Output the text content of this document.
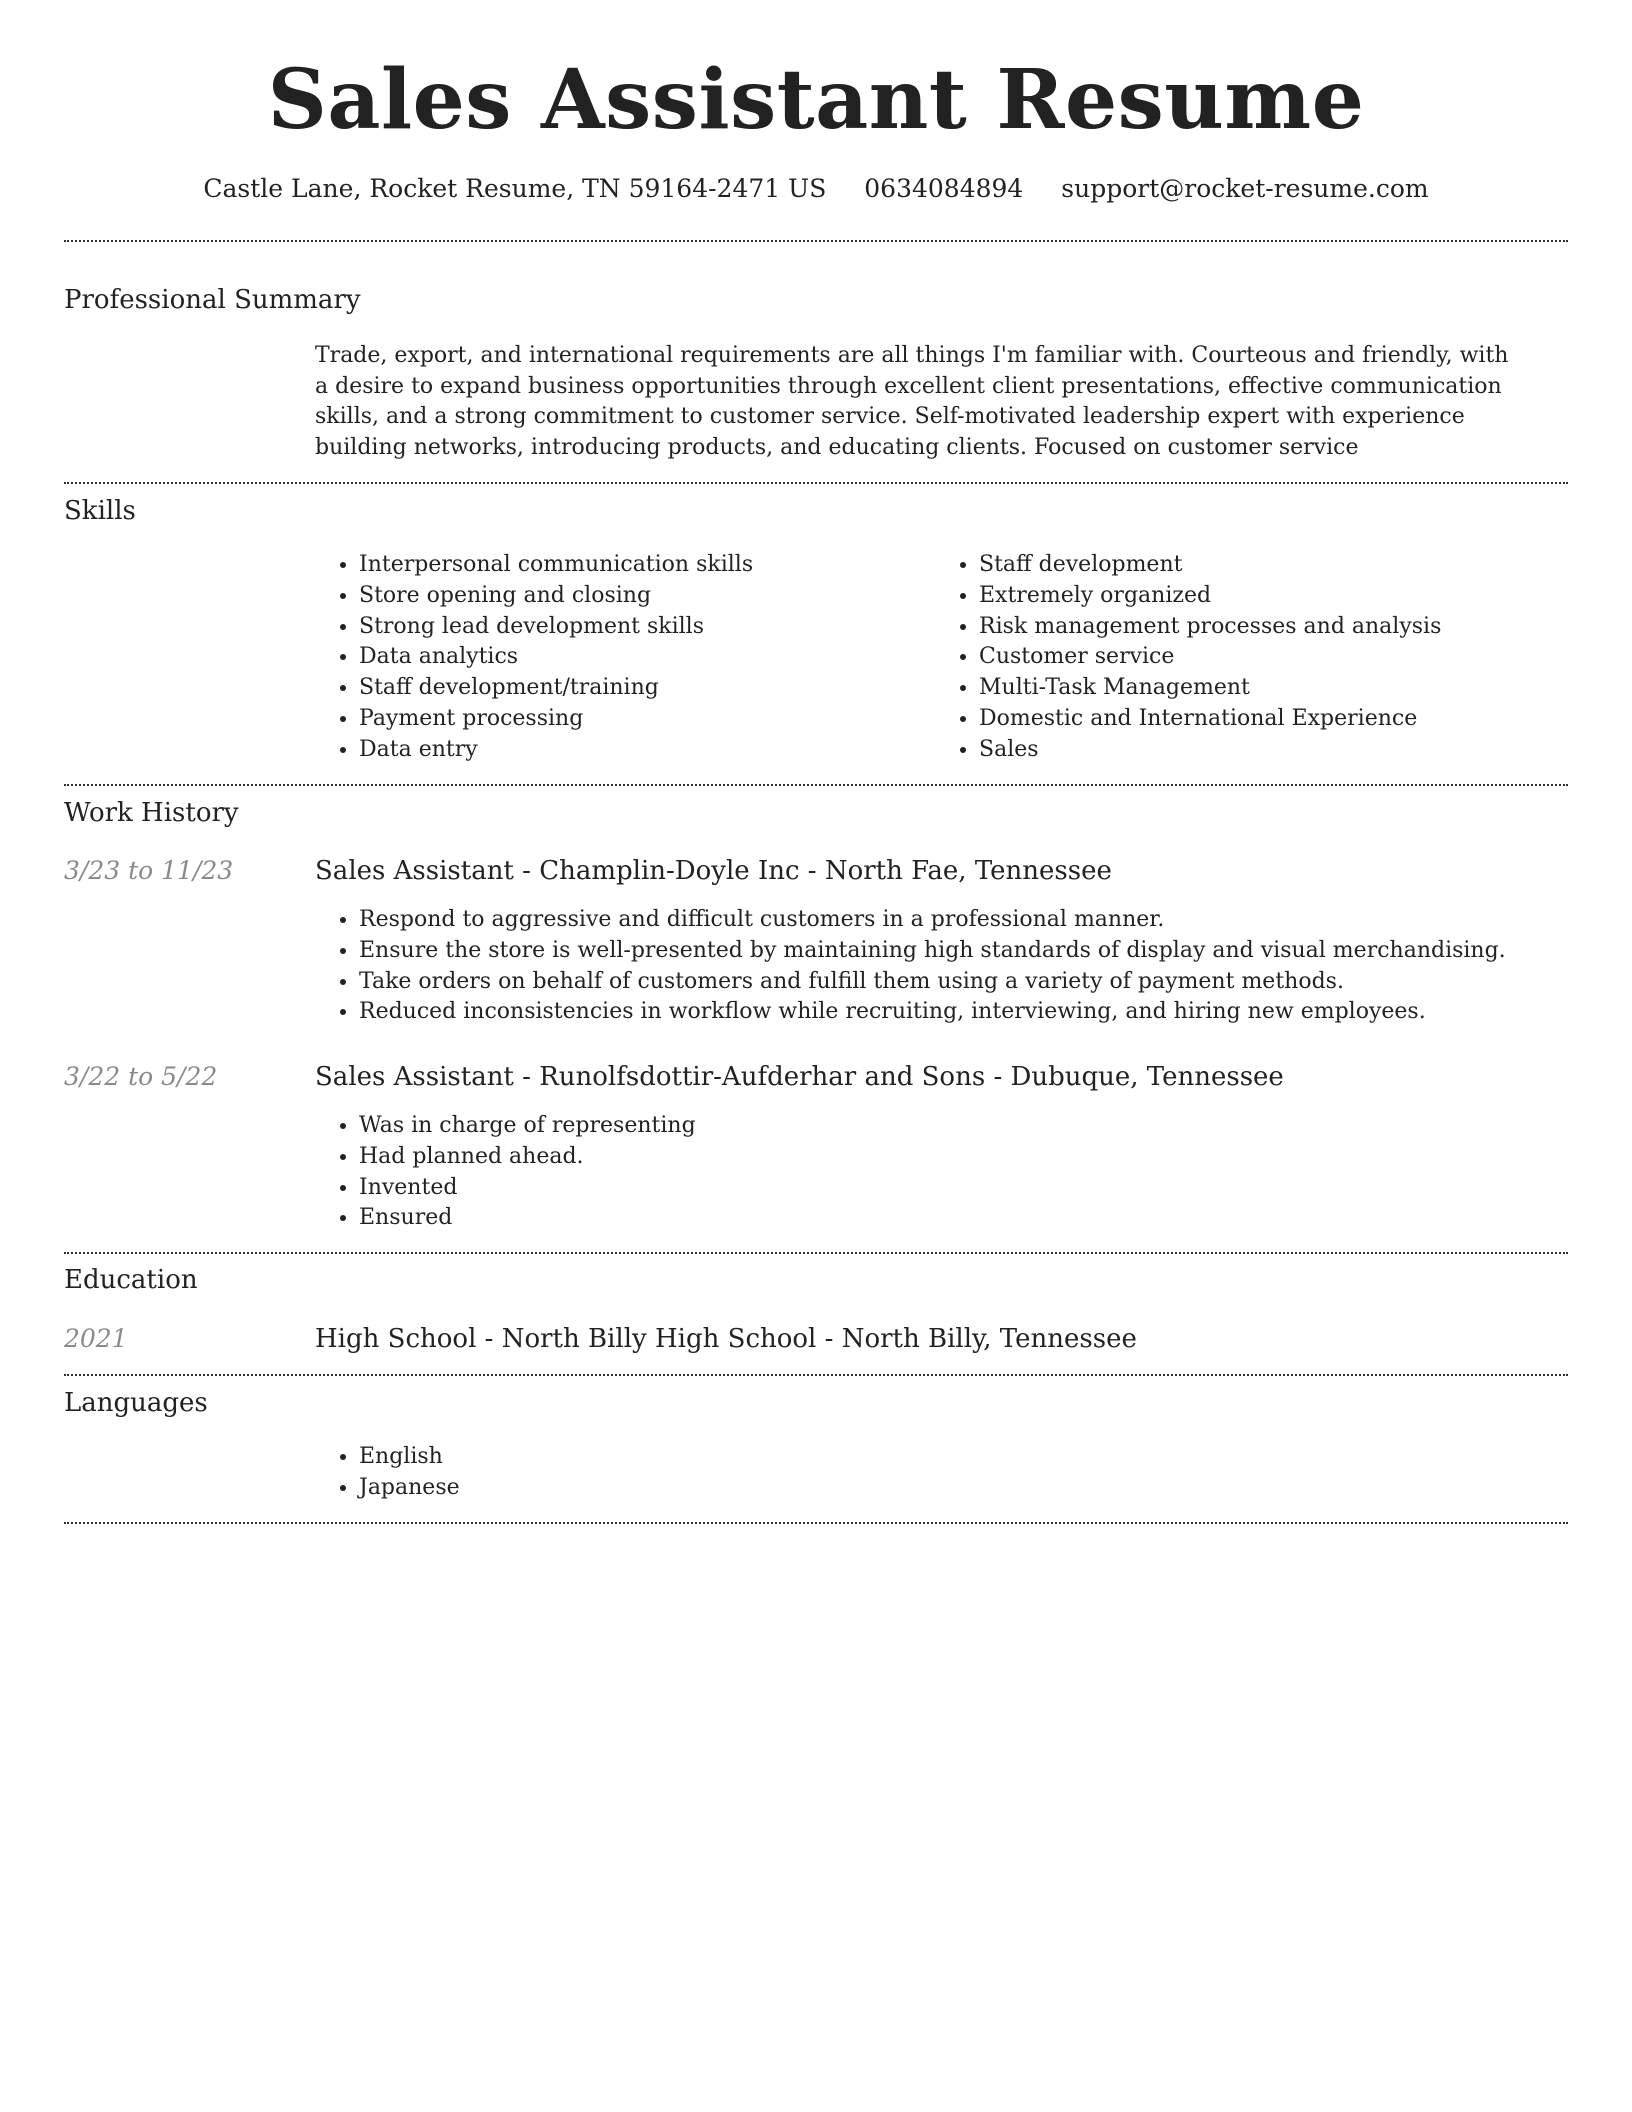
Sales Assistant Resume
Castle Lane, Rocket Resume, TN 59164-2471 US 0634084894 support@rocket-resume.com
Professional Summary
Trade, export, and international requirements are all things I'm familiar with. Courteous and friendly, with a desire to expand business opportunities through excellent client presentations, effective communication skills, and a strong commitment to customer service. Self-motivated leadership expert with experience building networks, introducing products, and educating clients. Focused on customer service
Skills
• Interpersonal communication skills
• Store opening and closing
• Strong lead development skills
• Data analytics
• Staff development/training
• Payment processing
• Data entry
• Staff development
• Extremely organized
• Risk management processes and analysis
• Customer service
• Multi-Task Management
• Domestic and International Experience
• Sales
Work History
3/23 to 11/23	Sales Assistant - Champlin-Doyle Inc - North Fae, Tennessee
• Respond to aggressive and difficult customers in a professional manner.
• Ensure the store is well-presented by maintaining high standards of display and visual merchandising.
• Take orders on behalf of customers and fulfill them using a variety of payment methods.
• Reduced inconsistencies in workflow while recruiting, interviewing, and hiring new employees.
3/22 to 5/22	Sales Assistant - Runolfsdottir-Aufderhar and Sons - Dubuque, Tennessee
• Was in charge of representing
• Had planned ahead.
• Invented
• Ensured
Education
2021	High School - North Billy High School - North Billy, Tennessee
Languages
• English
• Japanese
